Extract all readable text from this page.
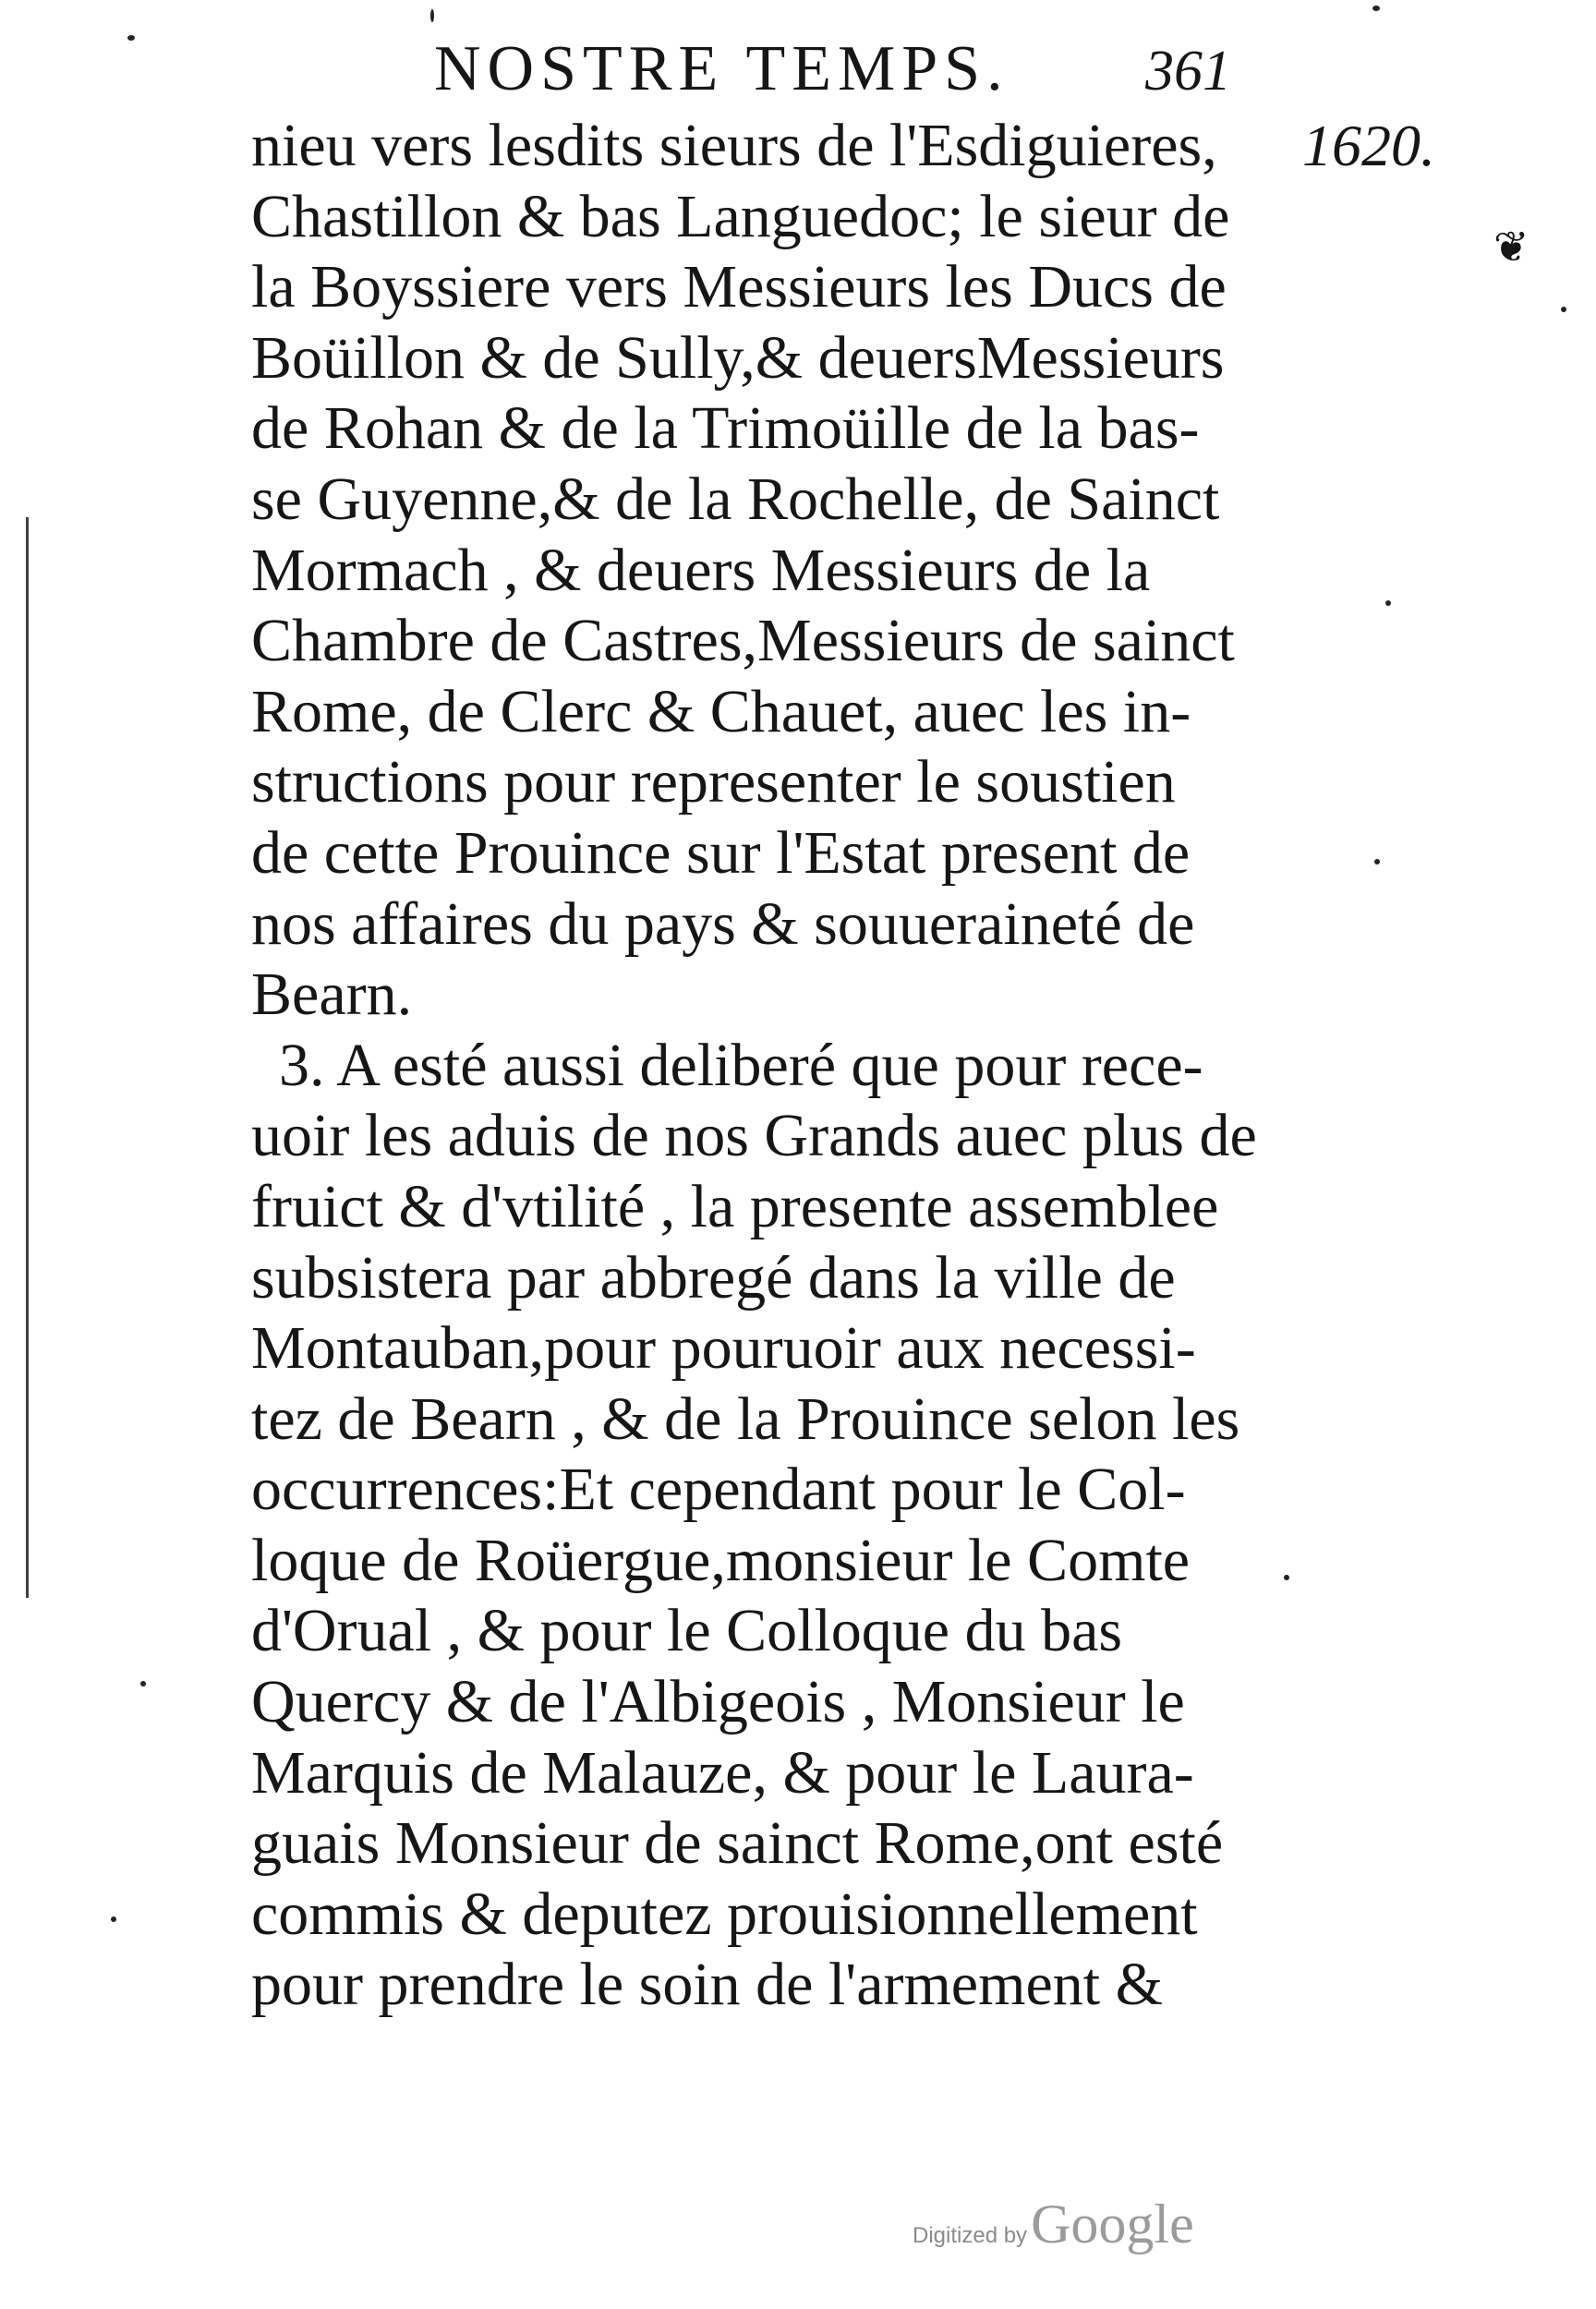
NOSTRE TEMPS. 361
1620.
❦
nieu vers lesdits sieurs de l'Esdiguieres,
Chastillon & bas Languedoc; le sieur de
la Boyssiere vers Messieurs les Ducs de
Boüillon & de Sully,& deuersMessieurs
de Rohan & de la Trimoüille de la bas-
se Guyenne,& de la Rochelle, de Sainct
Mormach , & deuers Messieurs de la
Chambre de Castres,Messieurs de sainct
Rome, de Clerc & Chauet, auec les in-
structions pour representer le soustien
de cette Prouince sur l'Estat present de
nos affaires du pays & souueraineté de
Bearn.
3. A esté aussi deliberé que pour rece-
uoir les aduis de nos Grands auec plus de
fruict & d'vtilité , la presente assemblee
subsistera par abbregé dans la ville de
Montauban,pour pouruoir aux necessi-
tez de Bearn , & de la Prouince selon les
occurrences:Et cependant pour le Col-
loque de Roüergue,monsieur le Comte
d'Orual , & pour le Colloque du bas
Quercy & de l'Albigeois , Monsieur le
Marquis de Malauze, & pour le Laura-
guais Monsieur de sainct Rome,ont esté
commis & deputez prouisionnellement
pour prendre le soin de l'armement &
Digitized by Google
